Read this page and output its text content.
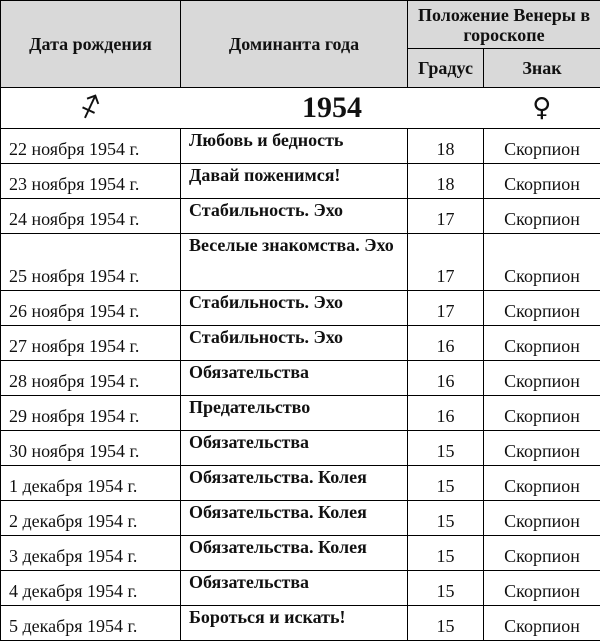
Дата рождения	Доминанта года	Положение Венеры в гороскопе	
		Градус	Знак
♐	1954		♀
22 ноября 1954 г.	Любовь и бедность	18	Скорпион
23 ноября 1954 г.	Давай поженимся!	18	Скорпион
24 ноября 1954 г.	Стабильность. Эхо	17	Скорпион
25 ноября 1954 г.	Веселые знакомства. Эхо	17	Скорпион
26 ноября 1954 г.	Стабильность. Эхо	17	Скорпион
27 ноября 1954 г.	Стабильность. Эхо	16	Скорпион
28 ноября 1954 г.	Обязательства	16	Скорпион
29 ноября 1954 г.	Предательство	16	Скорпион
30 ноября 1954 г.	Обязательства	15	Скорпион
1 декабря 1954 г.	Обязательства. Колея	15	Скорпион
2 декабря 1954 г.	Обязательства. Колея	15	Скорпион
3 декабря 1954 г.	Обязательства. Колея	15	Скорпион
4 декабря 1954 г.	Обязательства	15	Скорпион
5 декабря 1954 г.	Бороться и искать!	15	Скорпион
